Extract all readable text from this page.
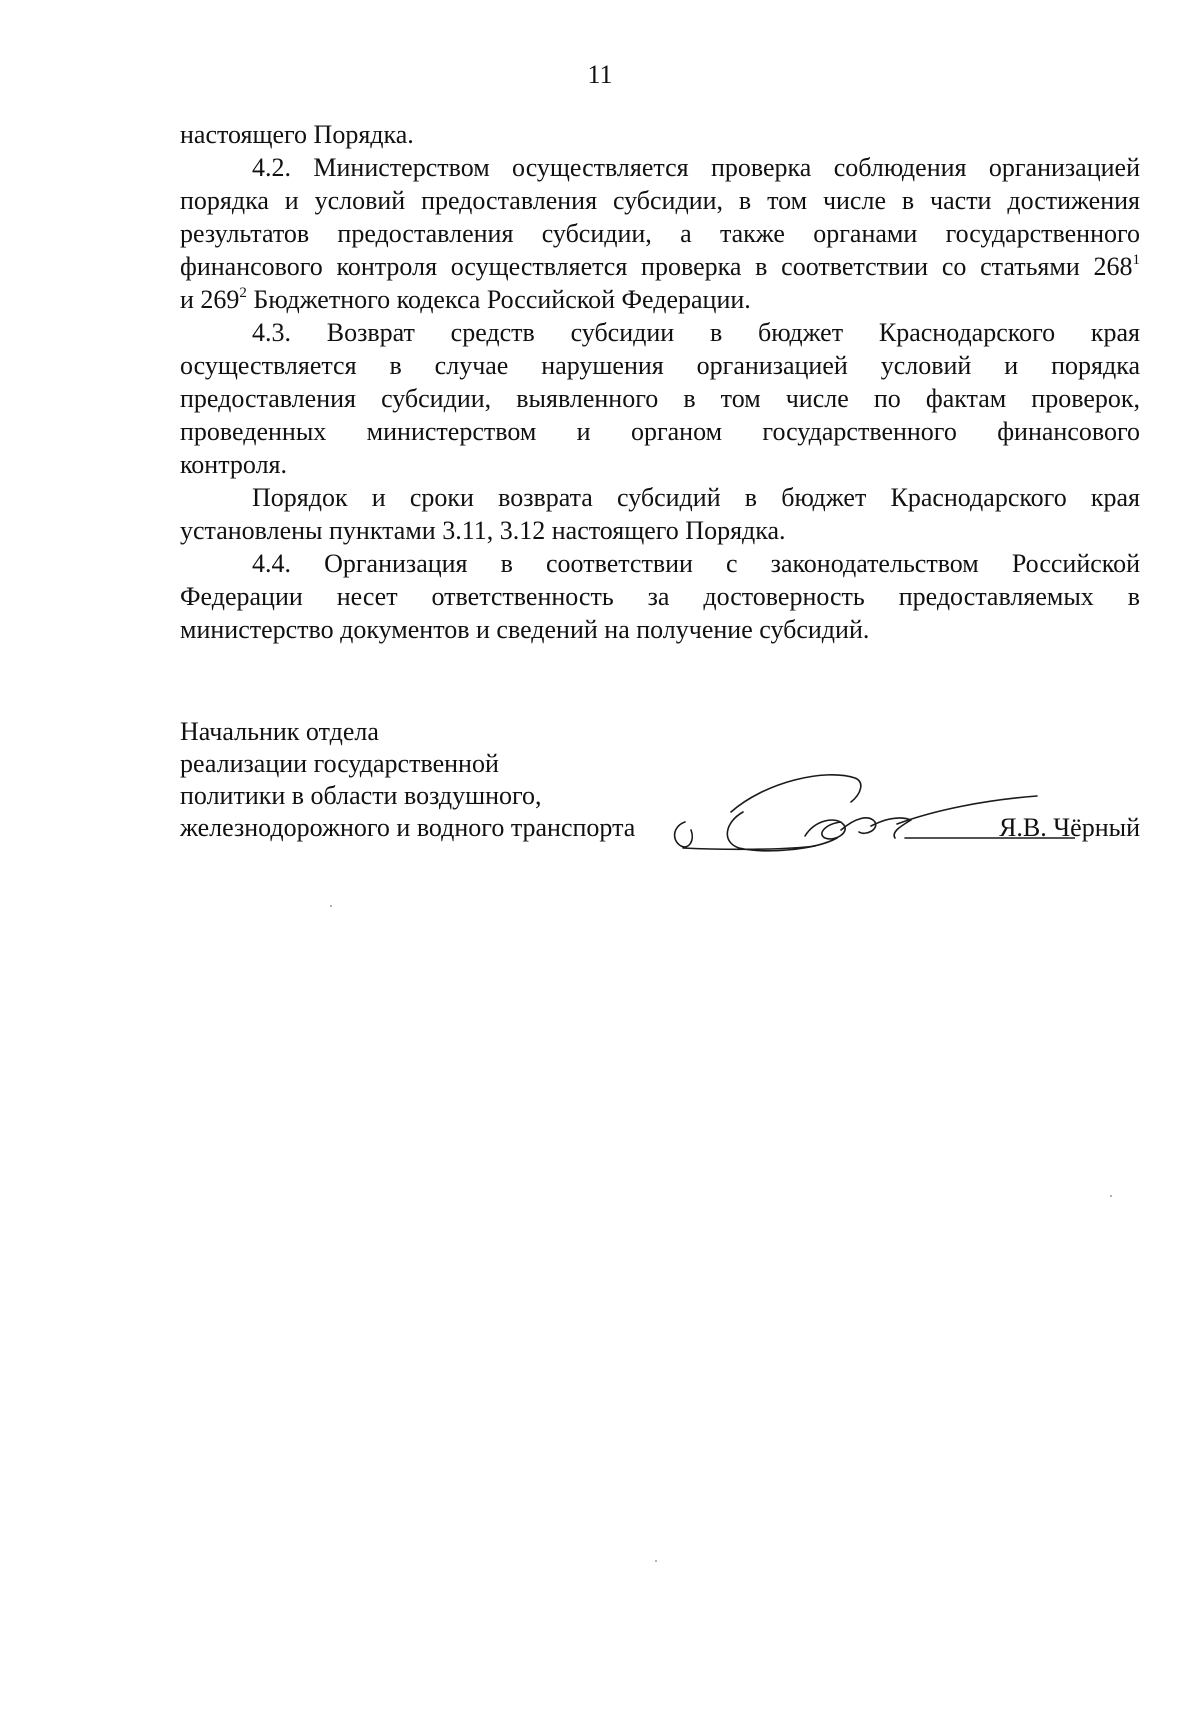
11

настоящего Порядка.

4.2. Министерством осуществляется проверка соблюдения организацией
порядка и условий предоставления субсидии, в том числе в части достижения
результатов предоставления субсидии, а также органами государственного
финансового контроля осуществляется проверка в соответствии со статьями $268^1$
и $269^2$ Бюджетного кодекса Российской Федерации.

4.3. Возврат средств субсидии в бюджет Краснодарского края
осуществляется в случае нарушения организацией условий и порядка
предоставления субсидии, выявленного в том числе по фактам проверок,
проведенных министерством и органом государственного финансового
контроля.

Порядок и сроки возврата субсидий в бюджет Краснодарского края
установлены пунктами 3.11, 3.12 настоящего Порядка.

4.4. Организация в соответствии с законодательством Российской
Федерации несет ответственность за достоверность предоставляемых в
министерство документов и сведений на получение субсидий.

Начальник отдела
реализации государственной
политики в области воздушного,
железнодорожного и водного транспорта	Я.В. Чёрный
